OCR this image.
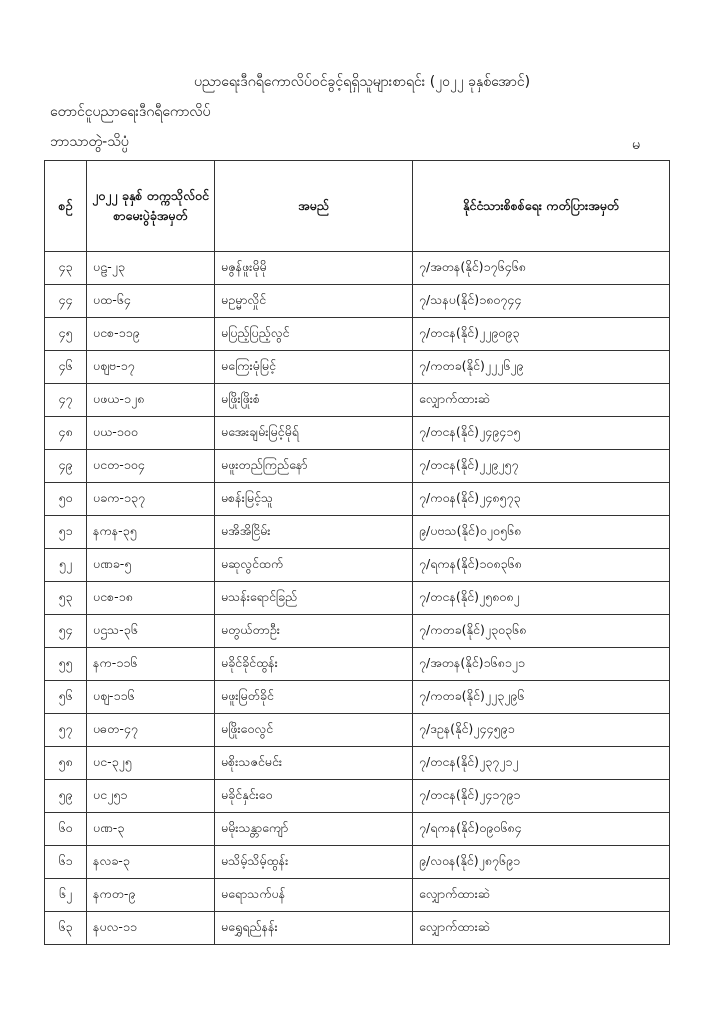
ပညာရေးဒီဂရီကောလိပ်ဝင်ခွင့်ရရှိသူများစာရင်း (၂၀၂၂ ခုနှစ်အောင်)
တောင်ငူပညာရေးဒီဂရီကောလိပ်
ဘာသာတွဲ-သိပ္ပံ	မ
စဉ်	၂၀၂၂ ခုနှစ် တက္ကသိုလ်ဝင် စာမေးပွဲခုံအမှတ်	အမည်	နိုင်ငံသားစိစစ်ရေး ကတ်ပြားအမှတ်
၄၃	ပဠ-၂၃	မဇွန်ဖူးမိုမို	၇/အတန(နိုင်)၁၇၆၄၆၈
၄၄	ပထ-၆၄	မဥမ္မာလှိုင်	၇/သနပ(နိုင်)၁၈၀၇၄၄
၄၅	ပငစ-၁၁၉	မပြည့်ပြည့်လွင်	၇/တငန(နိုင်)၂၂၉၀၉၃
၄၆	ပဈဗ-၁၇	မကြေးမုံမြင့်	၇/ကတခ(နိုင်)၂၂၂၆၂၉
၄၇	ပဖယ-၁၂၈	မဖြိုးဖြိုးစံ	လျှောက်ထားဆဲ
၄၈	ပယ-၁၀၀	မအေးချမ်းမြင့်မိုရ်	၇/တငန(နိုင်)၂၄၉၄၁၅
၄၉	ပငတ-၁၀၄	မဖူးတည်ကြည်နော်	၇/တငန(နိုင်)၂၂၉၂၅၇
၅၀	ပခက-၁၃၇	မစန်းမြင့်သူ	၇/ကဝန(နိုင်)၂၄၈၅၇၃
၅၁	နကန-၃၅	မအိအိငြိမ်း	၉/ပဗသ(နိုင်)၀၂၀၅၆၈
၅၂	ပဏခ-၅	မဆုလွင်ထက်	၇/ရကန(နိုင်)၁၀၈၃၆၈
၅၃	ပငစ-၁၈	မသန်းရောင်ခြည်	၇/တငန(နိုင်)၂၅၈၀၈၂
၅၄	ပဌသ-၃၆	မတွယ်တာဦး	၇/ကတခ(နိုင်)၂၃၀၃၆၈
၅၅	နက-၁၁၆	မခိုင်ခိုင်ထွန်း	၇/အတန(နိုင်)၁၆၈၁၂၁
၅၆	ပဈ-၁၁၆	မဖူးမြတ်ခိုင်	၇/ကတခ(နိုင်)၂၂၃၂၉၆
၅၇	ပဓတ-၄၇	မဖြိုးဝေလွင်	၇/ဒဥန(နိုင်)၂၄၄၅၉၁
၅၈	ပင-၃၂၅	မစိုးသဇင်မင်း	၇/တငန(နိုင်)၂၃၇၂၁၂
၅၉	ပင၂၅၁	မခိုင်နှင်းဝေ	၇/တငန(နိုင်)၂၄၁၇၉၁
၆၀	ပဏ-၃	မမိုးသန္တာကျော်	၇/ရကန(နိုင်)၀၉၀၆၈၄
၆၁	နလခ-၃	မသိမ့်သိမ့်ထွန်း	၉/လဝန(နိုင်)၂၈၇၆၉၁
၆၂	နကတ-၉	မရောသက်ပန်	လျှောက်ထားဆဲ
၆၃	နပလ-၁၁	မရွှေရည်နန်း	လျှောက်ထားဆဲ
